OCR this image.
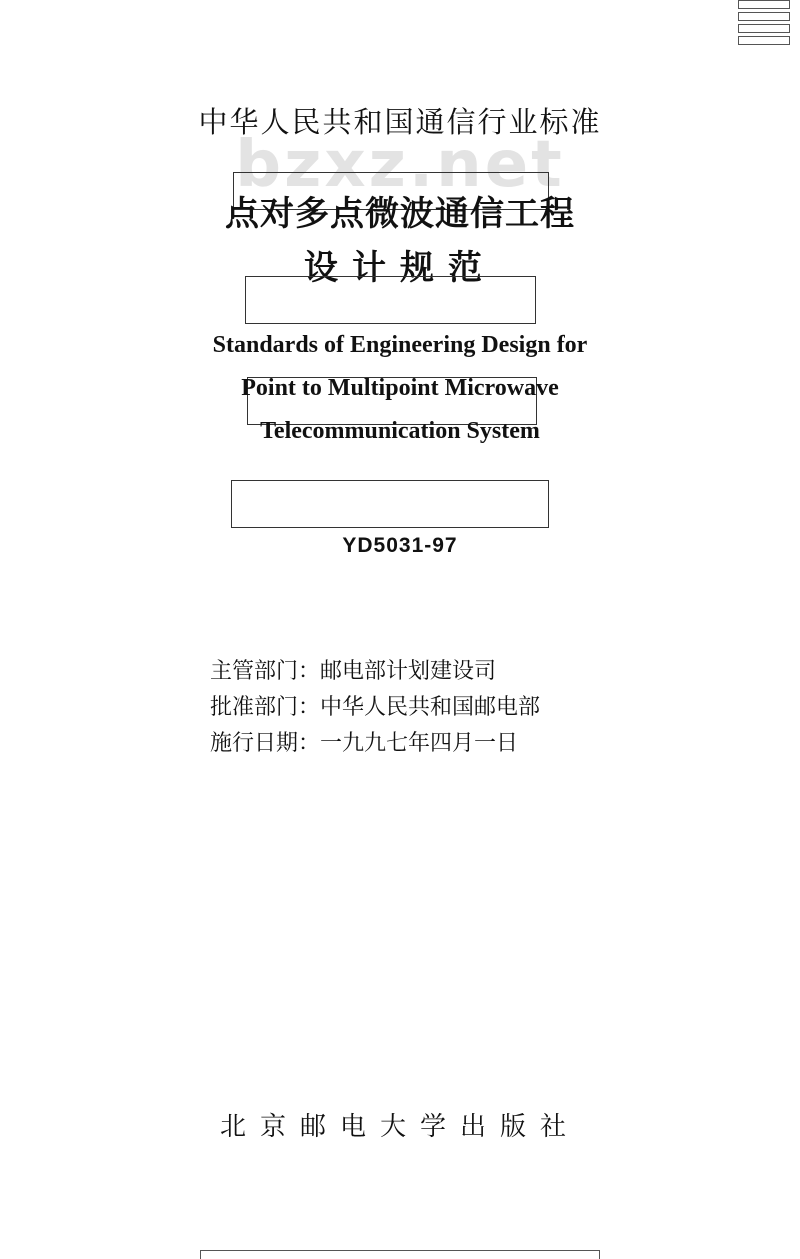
bzxz.net
中华人民共和国通信行业标准
点对多点微波通信工程
设计规范
Standards of Engineering Design for
Point to Multipoint Microwave
Telecommunication System
YD5031-97
主管部门：邮电部计划建设司
批准部门：中华人民共和国邮电部
施行日期：一九九七年四月一日
北京邮电大学出版社
